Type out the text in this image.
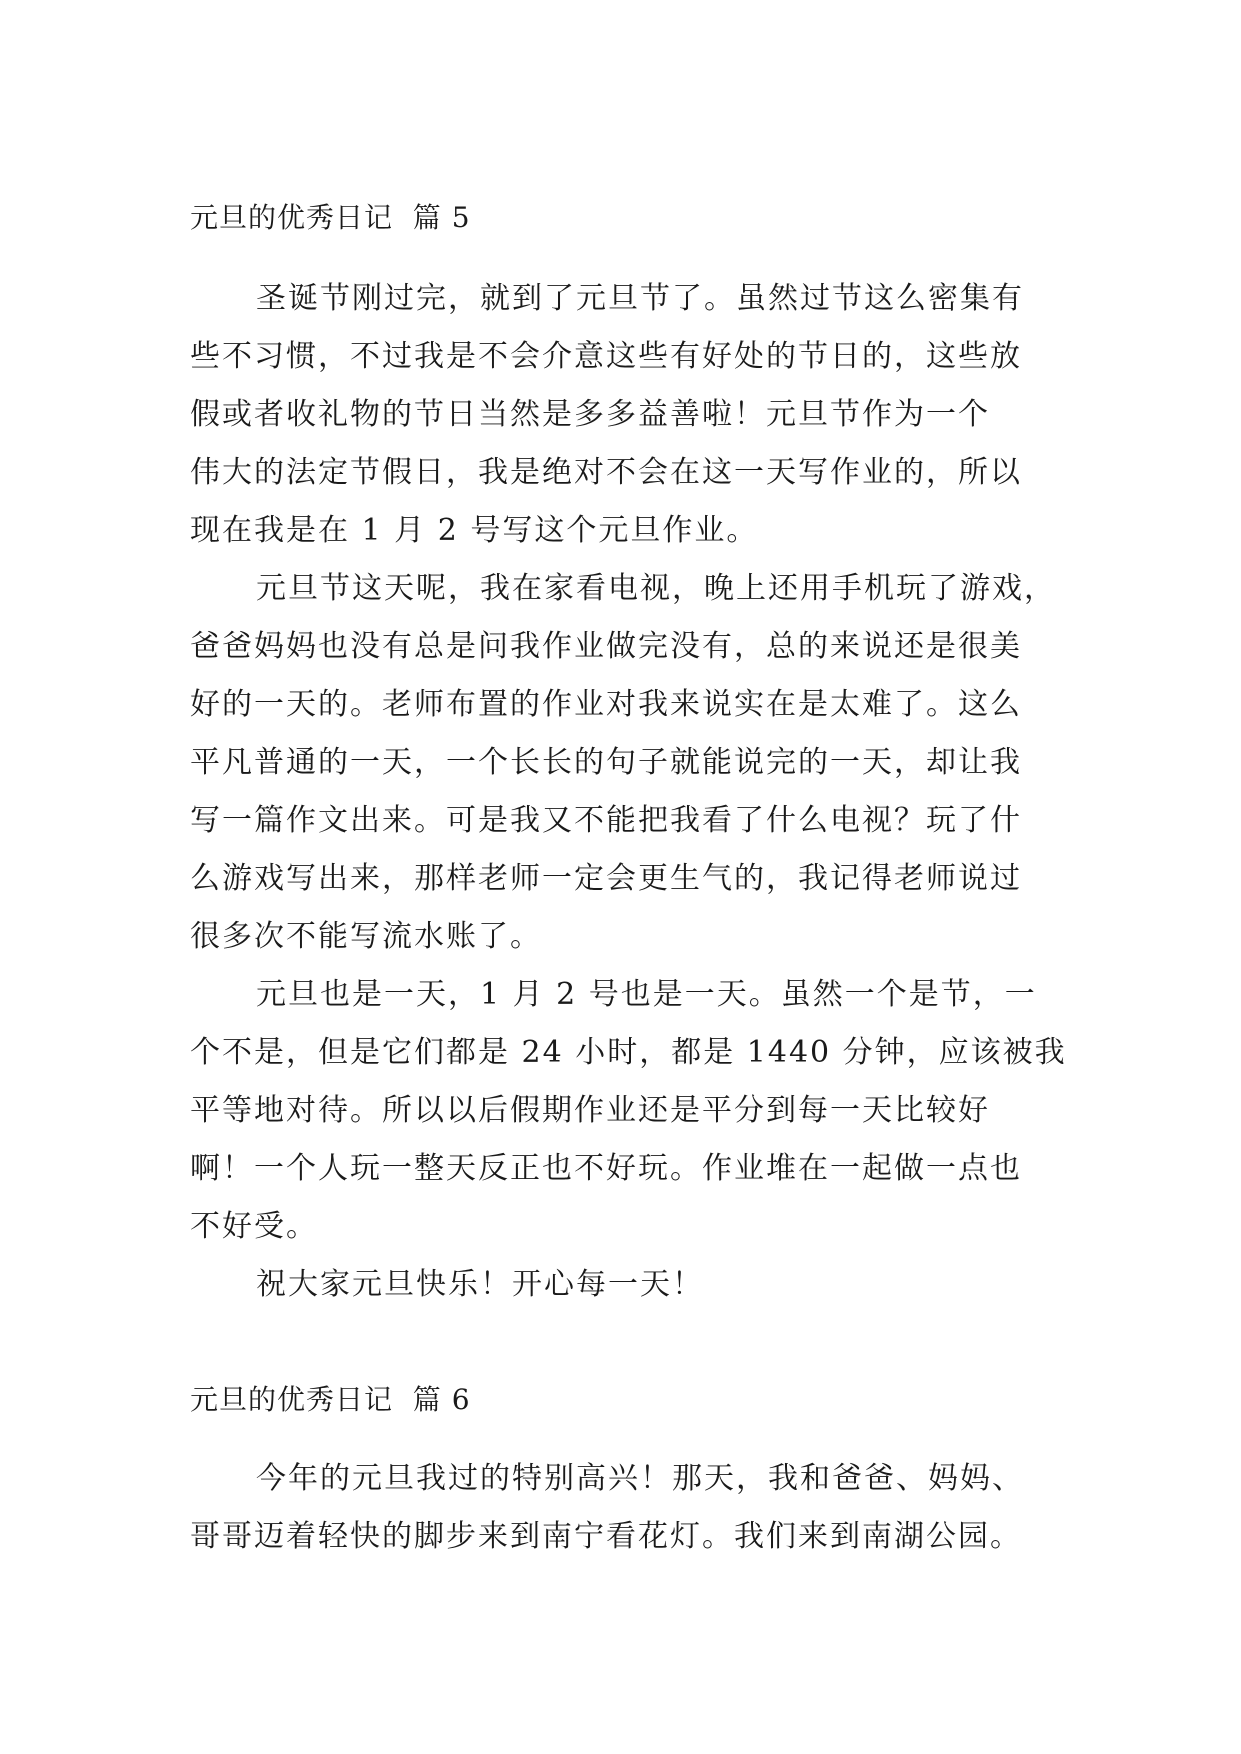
元旦的优秀日记  篇 5
圣诞节刚过完，就到了元旦节了。虽然过节这么密集有
些不习惯，不过我是不会介意这些有好处的节日的，这些放
假或者收礼物的节日当然是多多益善啦！元旦节作为一个
伟大的法定节假日，我是绝对不会在这一天写作业的，所以
现在我是在 1 月 2 号写这个元旦作业。
元旦节这天呢，我在家看电视，晚上还用手机玩了游戏，
爸爸妈妈也没有总是问我作业做完没有，总的来说还是很美
好的一天的。老师布置的作业对我来说实在是太难了。这么
平凡普通的一天，一个长长的句子就能说完的一天，却让我
写一篇作文出来。可是我又不能把我看了什么电视？玩了什
么游戏写出来，那样老师一定会更生气的，我记得老师说过
很多次不能写流水账了。
元旦也是一天，1 月 2 号也是一天。虽然一个是节，一
个不是，但是它们都是 24 小时，都是 1440 分钟，应该被我
平等地对待。所以以后假期作业还是平分到每一天比较好
啊！一个人玩一整天反正也不好玩。作业堆在一起做一点也
不好受。
祝大家元旦快乐！开心每一天！
元旦的优秀日记  篇 6
今年的元旦我过的特别高兴！那天，我和爸爸、妈妈、
哥哥迈着轻快的脚步来到南宁看花灯。我们来到南湖公园。
